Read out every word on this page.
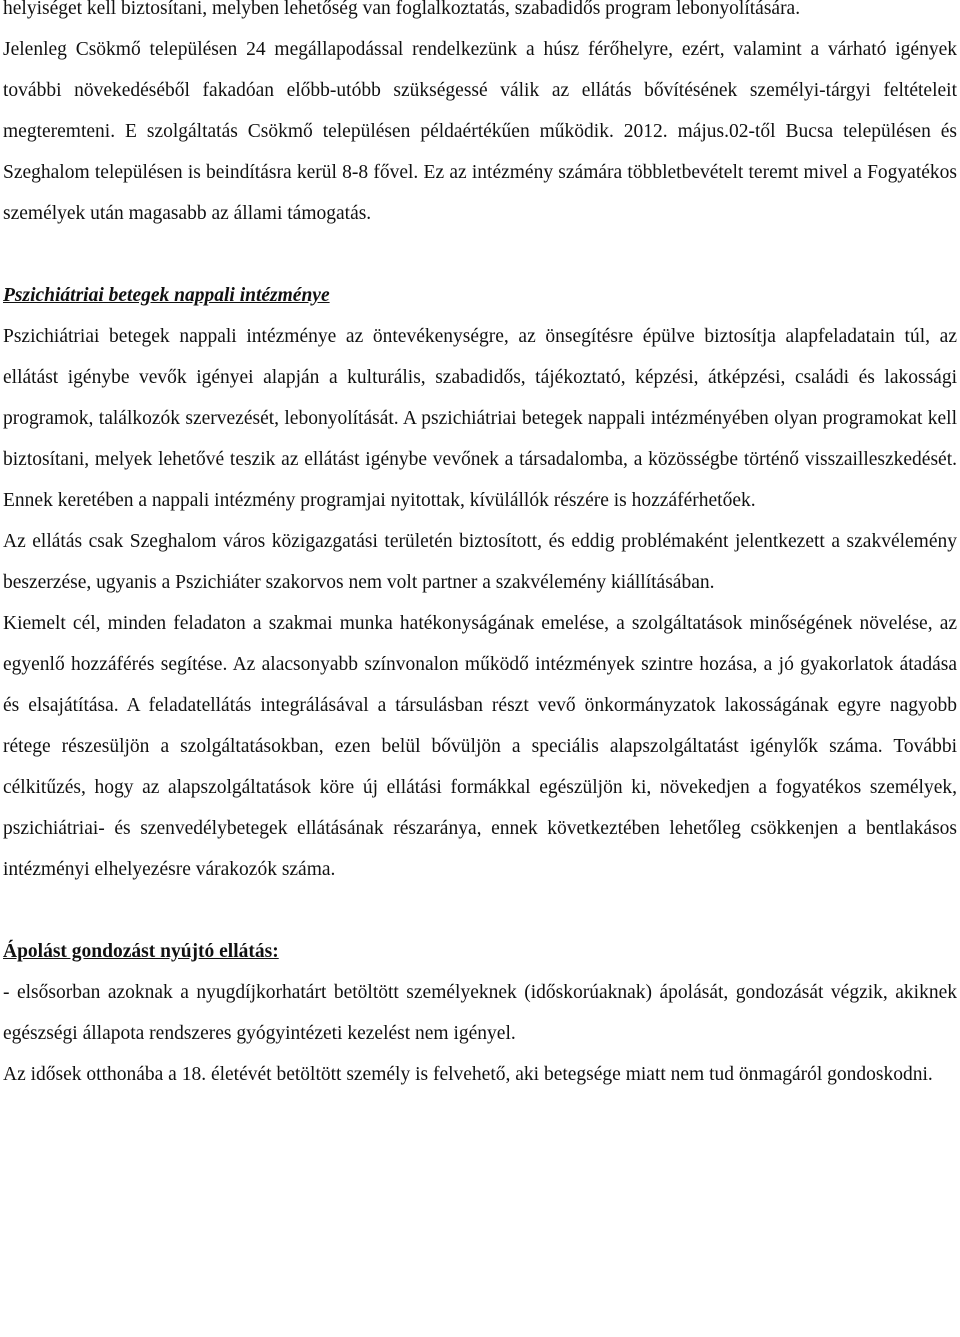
helyiséget kell biztosítani, melyben lehetőség van foglalkoztatás, szabadidős program lebonyolítására.

Jelenleg Csökmő településen 24 megállapodással rendelkezünk a húsz férőhelyre, ezért, valamint a várható igények további növekedéséből fakadóan előbb-utóbb szükségessé válik az ellátás bővítésének személyi-tárgyi feltételeit megteremteni. E szolgáltatás Csökmő településen példaértékűen működik. 2012. május.02-től Bucsa településen és Szeghalom településen is beindításra kerül 8-8 fővel. Ez az intézmény számára többletbevételt teremt mivel a Fogyatékos személyek után magasabb az állami támogatás.

Pszichiátriai betegek nappali intézménye

Pszichiátriai betegek nappali intézménye az öntevékenységre, az önsegítésre épülve biztosítja alapfeladatain túl, az ellátást igénybe vevők igényei alapján a kulturális, szabadidős, tájékoztató, képzési, átképzési, családi és lakossági programok, találkozók szervezését, lebonyolítását. A pszichiátriai betegek nappali intézményében olyan programokat kell biztosítani, melyek lehetővé teszik az ellátást igénybe vevőnek a társadalomba, a közösségbe történő visszailleszkedését. Ennek keretében a nappali intézmény programjai nyitottak, kívülállók részére is hozzáférhetőek.

Az ellátás csak Szeghalom város közigazgatási területén biztosított, és eddig problémaként jelentkezett a szakvélemény beszerzése, ugyanis a Pszichiáter szakorvos nem volt partner a szakvélemény kiállításában.

Kiemelt cél, minden feladaton a szakmai munka hatékonyságának emelése, a szolgáltatások minőségének növelése, az egyenlő hozzáférés segítése. Az alacsonyabb színvonalon működő intézmények szintre hozása, a jó gyakorlatok átadása és elsajátítása. A feladatellátás integrálásával a társulásban részt vevő önkormányzatok lakosságának egyre nagyobb rétege részesüljön a szolgáltatásokban, ezen belül bővüljön a speciális alapszolgáltatást igénylők száma. További célkitűzés, hogy az alapszolgáltatások köre új ellátási formákkal egészüljön ki, növekedjen a fogyatékos személyek, pszichiátriai- és szenvedélybetegek ellátásának részaránya, ennek következtében lehetőleg csökkenjen a bentlakásos intézményi elhelyezésre várakozók száma.

Ápolást gondozást nyújtó ellátás:

- elsősorban azoknak a nyugdíjkorhatárt betöltött személyeknek (időskorúaknak) ápolását, gondozását végzik, akiknek egészségi állapota rendszeres gyógyintézeti kezelést nem igényel.

Az idősek otthonába a 18. életévét betöltött személy is felvehető, aki betegsége miatt nem tud önmagáról gondoskodni.
